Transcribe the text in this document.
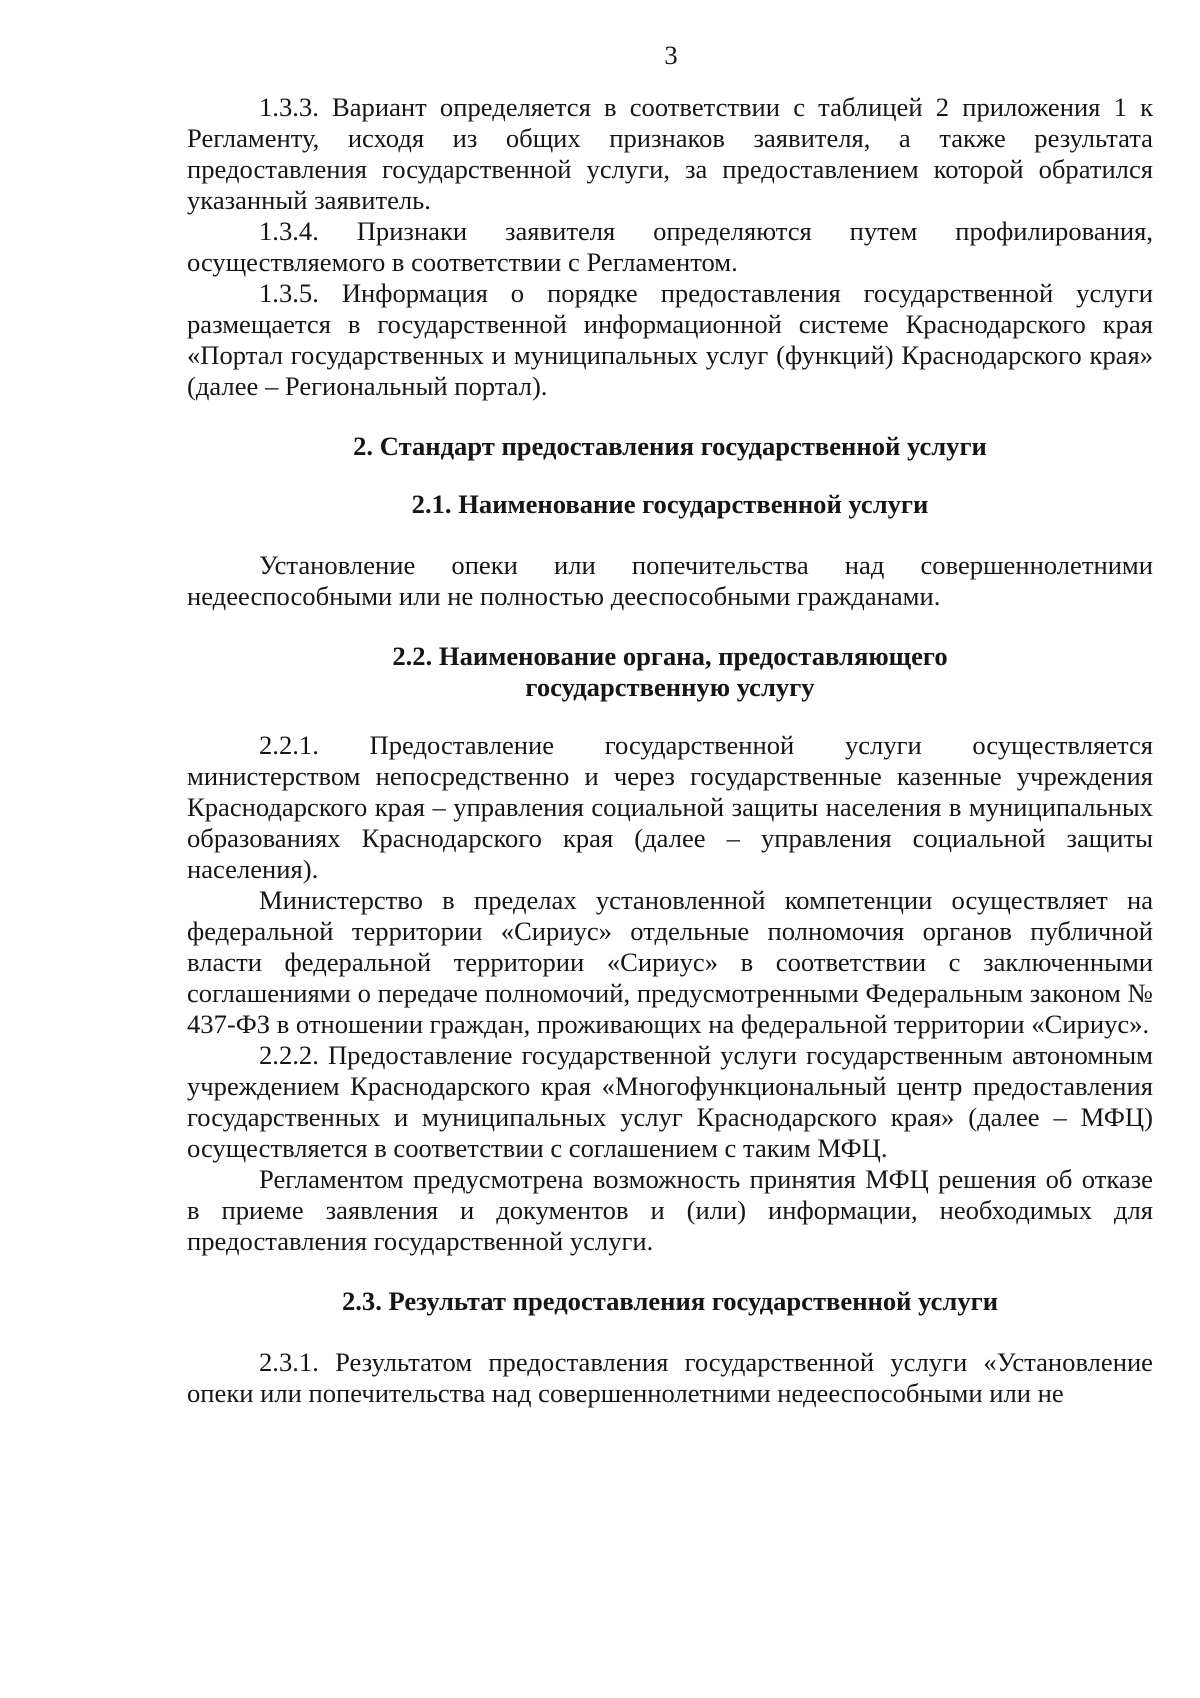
3

1.3.3. Вариант определяется в соответствии с таблицей 2 приложения 1 к Регламенту, исходя из общих признаков заявителя, а также результата предоставления государственной услуги, за предоставлением которой обратился указанный заявитель.

1.3.4. Признаки заявителя определяются путем профилирования, осуществляемого в соответствии с Регламентом.

1.3.5. Информация о порядке предоставления государственной услуги размещается в государственной информационной системе Краснодарского края «Портал государственных и муниципальных услуг (функций) Краснодарского края» (далее – Региональный портал).

2. Стандарт предоставления государственной услуги
2.1. Наименование государственной услуги

Установление опеки или попечительства над совершеннолетними недееспособными или не полностью дееспособными гражданами.

2.2. Наименование органа, предоставляющего
государственную услугу

2.2.1. Предоставление государственной услуги осуществляется министерством непосредственно и через государственные казенные учреждения Краснодарского края – управления социальной защиты населения в муниципальных образованиях Краснодарского края (далее – управления социальной защиты населения).

Министерство в пределах установленной компетенции осуществляет на федеральной территории «Сириус» отдельные полномочия органов публичной власти федеральной территории «Сириус» в соответствии с заключенными соглашениями о передаче полномочий, предусмотренными Федеральным законом № 437-ФЗ в отношении граждан, проживающих на федеральной территории «Сириус».

2.2.2. Предоставление государственной услуги государственным автономным учреждением Краснодарского края «Многофункциональный центр предоставления государственных и муниципальных услуг Краснодарского края» (далее – МФЦ) осуществляется в соответствии с соглашением с таким МФЦ.

Регламентом предусмотрена возможность принятия МФЦ решения об отказе в приеме заявления и документов и (или) информации, необходимых для предоставления государственной услуги.

2.3. Результат предоставления государственной услуги

2.3.1. Результатом предоставления государственной услуги «Установление опеки или попечительства над совершеннолетними недееспособными или не
